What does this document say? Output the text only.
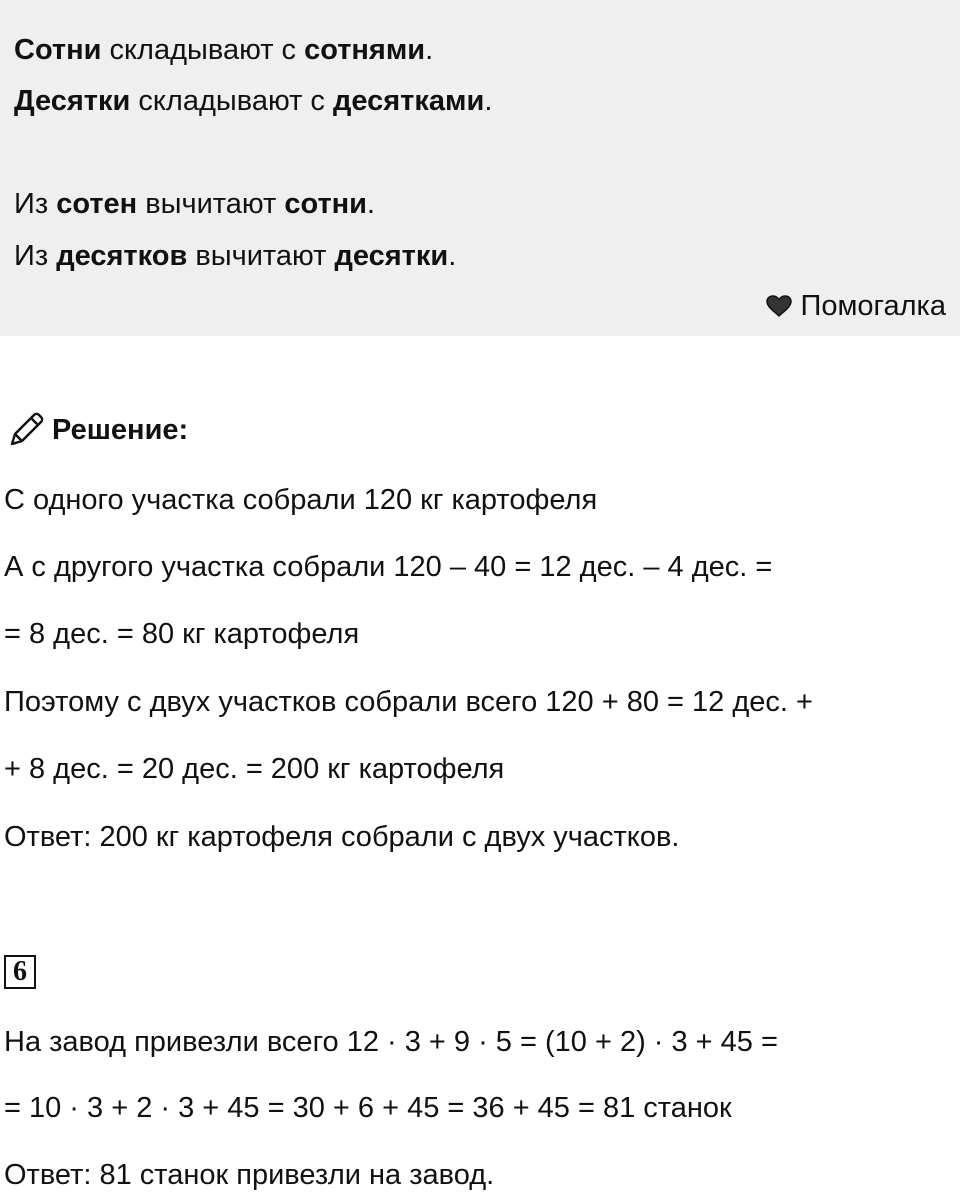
Сотни складывают с сотнями.
Десятки складывают с десятками.
Из сотен вычитают сотни.
Из десятков вычитают десятки.
Помогалка
Решение:
С одного участка собрали 120 кг картофеля
А с другого участка собрали 120 – 40 = 12 дес. – 4 дес. =
= 8 дес. = 80 кг картофеля
Поэтому с двух участков собрали всего 120 + 80 = 12 дес. +
+ 8 дес. = 20 дес. = 200 кг картофеля
Ответ: 200 кг картофеля собрали с двух участков.
6
На завод привезли всего 12 · 3 + 9 · 5 = (10 + 2) · 3 + 45 =
= 10 · 3 + 2 · 3 + 45 = 30 + 6 + 45 = 36 + 45 = 81 станок
Ответ: 81 станок привезли на завод.
